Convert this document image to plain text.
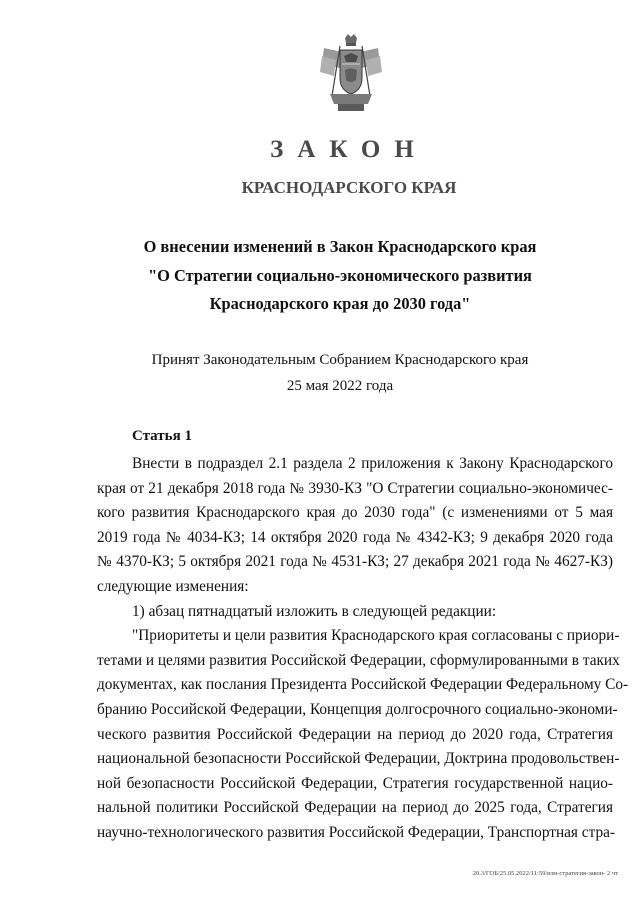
ЗАКОН
КРАСНОДАРСКОГО КРАЯ
О внесении изменений в Закон Краснодарского края
"О Стратегии социально-экономического развития
Краснодарского края до 2030 года"
Принят Законодательным Собранием Краснодарского края
25 мая 2022 года
Статья 1
Внести в подраздел 2.1 раздела 2 приложения к Закону Краснодарского
края от 21 декабря 2018 года № 3930-КЗ "О Стратегии социально-экономичес-
кого развития Краснодарского края до 2030 года" (с изменениями от 5 мая
2019 года № 4034-КЗ; 14 октября 2020 года № 4342-КЗ; 9 декабря 2020 года
№ 4370-КЗ; 5 октября 2021 года № 4531-КЗ; 27 декабря 2021 года № 4627-КЗ)
следующие изменения:
1) абзац пятнадцатый изложить в следующей редакции:
"Приоритеты и цели развития Краснодарского края согласованы с приори-
тетами и целями развития Российской Федерации, сформулированными в таких
документах, как послания Президента Российской Федерации Федеральному Со-
бранию Российской Федерации, Концепция долгосрочного социально-экономи-
ческого развития Российской Федерации на период до 2020 года, Стратегия
национальной безопасности Российской Федерации, Доктрина продовольствен-
ной безопасности Российской Федерации, Стратегия государственной нацио-
нальной политики Российской Федерации на период до 2025 года, Стратегия
научно-технологического развития Российской Федерации, Транспортная стра-
20.3/ГОБ/25.05.2022/11:59/изм-стратегия-закон- 2 чт
